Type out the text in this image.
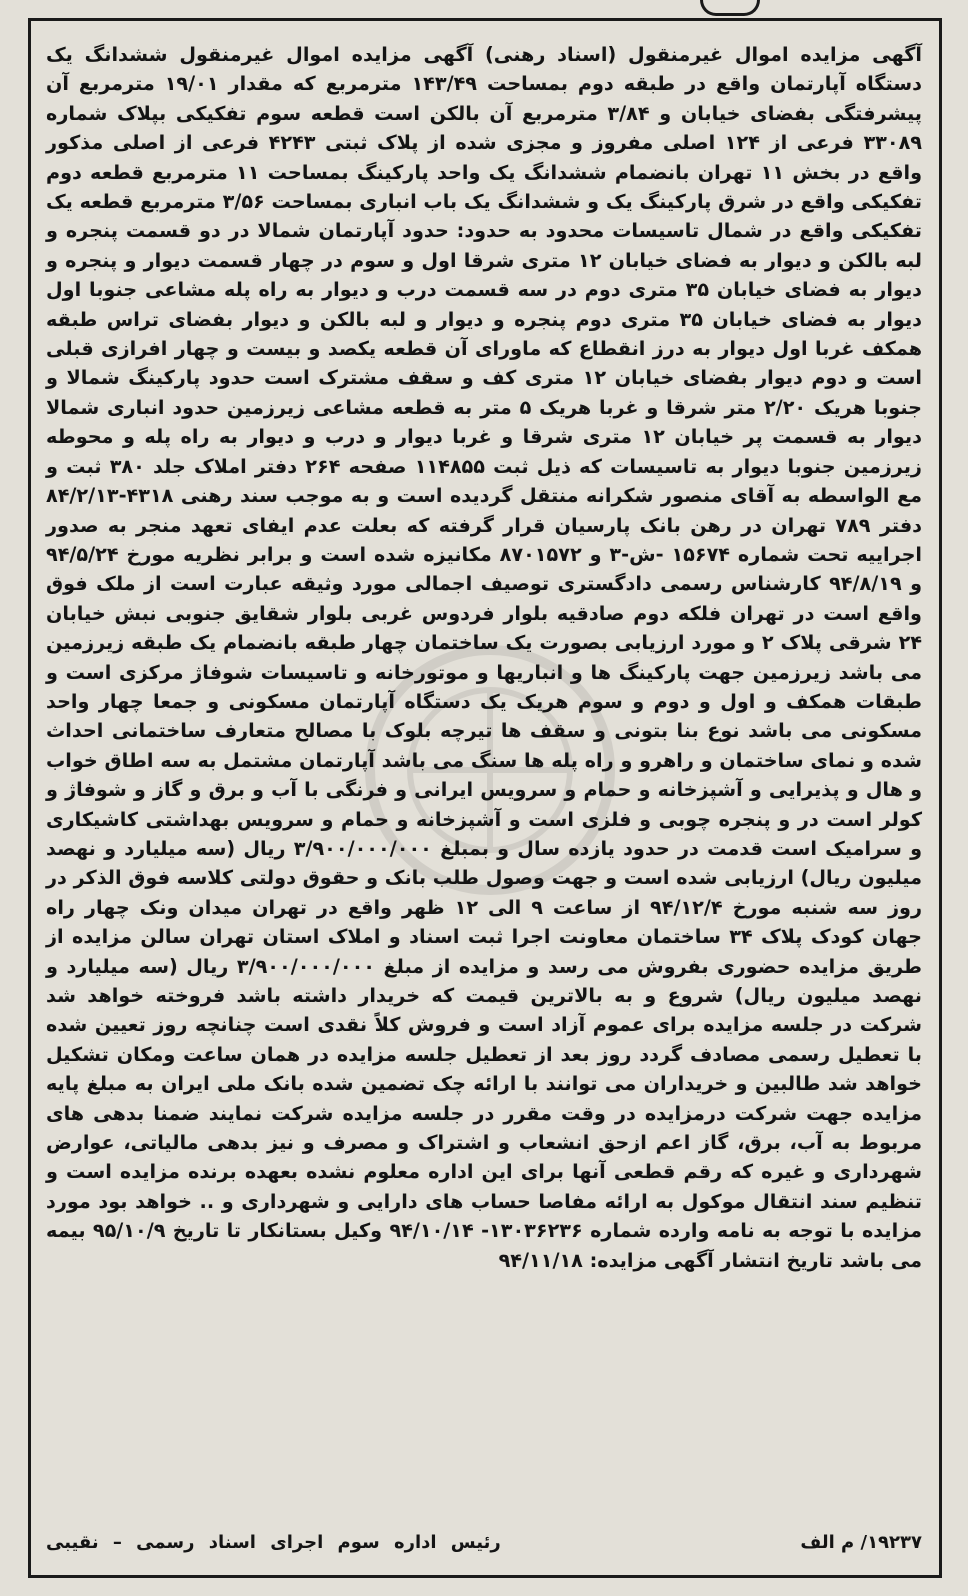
آگهی مزایده اموال غیرمنقول (اسناد رهنی) آگهی مزایده اموال غیرمنقول ششدانگ یک دستگاه آپارتمان واقع در طبقه دوم بمساحت ۱۴۳/۴۹ مترمربع که مقدار ۱۹/۰۱ مترمربع آن پیشرفتگی بفضای خیابان و ۳/۸۴ مترمربع آن بالکن است قطعه سوم تفکیکی بپلاک شماره ۳۳۰۸۹ فرعی از ۱۲۴ اصلی مفروز و مجزی شده از پلاک ثبتی ۴۲۴۳ فرعی از اصلی مذکور واقع در بخش ۱۱ تهران بانضمام ششدانگ یک واحد پارکینگ بمساحت ۱۱ مترمربع قطعه دوم تفکیکی واقع در شرق پارکینگ یک و ششدانگ یک باب انباری بمساحت ۳/۵۶ مترمربع قطعه یک تفکیکی واقع در شمال تاسیسات محدود به حدود: حدود آپارتمان شمالا در دو قسمت پنجره و لبه بالکن و دیوار به فضای خیابان ۱۲ متری شرقا اول و سوم در چهار قسمت دیوار و پنجره و دیوار به فضای خیابان ۳۵ متری دوم در سه قسمت درب و دیوار به راه پله مشاعی جنوبا اول دیوار به فضای خیابان ۳۵ متری دوم پنجره و دیوار و لبه بالکن و دیوار بفضای تراس طبقه همکف غربا اول دیوار به درز انقطاع که ماورای آن قطعه یکصد و بیست و چهار افرازی قبلی است و دوم دیوار بفضای خیابان ۱۲ متری کف و سقف مشترک است حدود پارکینگ شمالا و جنوبا هریک ۲/۲۰ متر شرقا و غربا هریک ۵ متر به قطعه مشاعی زیرزمین حدود انباری شمالا دیوار به قسمت پر خیابان ۱۲ متری شرقا و غربا دیوار و درب و دیوار به راه پله و محوطه زیرزمین جنوبا دیوار به تاسیسات که ذیل ثبت ۱۱۴۸۵۵ صفحه ۲۶۴ دفتر املاک جلد ۳۸۰ ثبت و مع الواسطه به آقای منصور شکرانه منتقل گردیده است و به موجب سند رهنی ۴۳۱۸-۸۴/۲/۱۳ دفتر ۷۸۹ تهران در رهن بانک پارسیان قرار گرفته که بعلت عدم ایفای تعهد منجر به صدور اجراییه تحت شماره ۱۵۶۷۴ -ش-۳ و ۸۷۰۱۵۷۲ مکانیزه شده است و برابر نظریه مورخ ۹۴/۵/۲۴ و ۹۴/۸/۱۹ کارشناس رسمی دادگستری توصیف اجمالی مورد وثیقه عبارت است از ملک فوق واقع است در تهران فلکه دوم صادقیه بلوار فردوس غربی بلوار شقایق جنوبی نبش خیابان ۲۴ شرقی پلاک ۲ و مورد ارزیابی بصورت یک ساختمان چهار طبقه بانضمام یک طبقه زیرزمین می باشد زیرزمین جهت پارکینگ ها و انباریها و موتورخانه و تاسیسات شوفاژ مرکزی است و طبقات همکف و اول و دوم و سوم هریک یک دستگاه آپارتمان مسکونی و جمعا چهار واحد مسکونی می باشد نوع بنا بتونی و سقف ها تیرچه بلوک با مصالح متعارف ساختمانی احداث شده و نمای ساختمان و راهرو و راه پله ها سنگ می باشد آپارتمان مشتمل به سه اطاق خواب و هال و پذیرایی و آشپزخانه و حمام و سرویس ایرانی و فرنگی با آب و برق و گاز و شوفاژ و کولر است در و پنجره چوبی و فلزی است و آشپزخانه و حمام و سرویس بهداشتی کاشیکاری و سرامیک است قدمت در حدود یازده سال و بمبلغ ۳/۹۰۰/۰۰۰/۰۰۰ ریال (سه میلیارد و نهصد میلیون ریال) ارزیابی شده است و جهت وصول طلب بانک و حقوق دولتی کلاسه فوق الذکر در روز سه شنبه مورخ ۹۴/۱۲/۴ از ساعت ۹ الی ۱۲ ظهر واقع در تهران میدان ونک چهار راه جهان کودک پلاک ۳۴ ساختمان معاونت اجرا ثبت اسناد و املاک استان تهران سالن مزایده از طریق مزایده حضوری بفروش می رسد و مزایده از مبلغ ۳/۹۰۰/۰۰۰/۰۰۰ ریال (سه میلیارد و نهصد میلیون ریال) شروع و به بالاترین قیمت که خریدار داشته باشد فروخته خواهد شد شرکت در جلسه مزایده برای عموم آزاد است و فروش کلاً نقدی است چنانچه روز تعیین شده با تعطیل رسمی مصادف گردد روز بعد از تعطیل جلسه مزایده در همان ساعت ومکان تشکیل خواهد شد طالبین و خریداران می توانند با ارائه چک تضمین شده بانک ملی ایران به مبلغ پایه مزایده جهت شرکت درمزایده در وقت مقرر در جلسه مزایده شرکت نمایند ضمنا بدهی های مربوط به آب، برق، گاز اعم ازحق انشعاب و اشتراک و مصرف و نیز بدهی مالیاتی، عوارض شهرداری و غیره که رقم قطعی آنها برای این اداره معلوم نشده بعهده برنده مزایده است و تنظیم سند انتقال موکول به ارائه مفاصا حساب های دارایی و شهرداری و .. خواهد بود مورد مزایده با توجه به نامه وارده شماره ۱۳۰۳۶۲۳۶- ۹۴/۱۰/۱۴ وکیل بستانکار تا تاریخ ۹۵/۱۰/۹ بیمه می باشد تاریخ انتشار آگهی مزایده: ۹۴/۱۱/۱۸

۱۹۲۳۷/ م الف
رئیس اداره سوم اجرای اسناد رسمی – نقیبی
